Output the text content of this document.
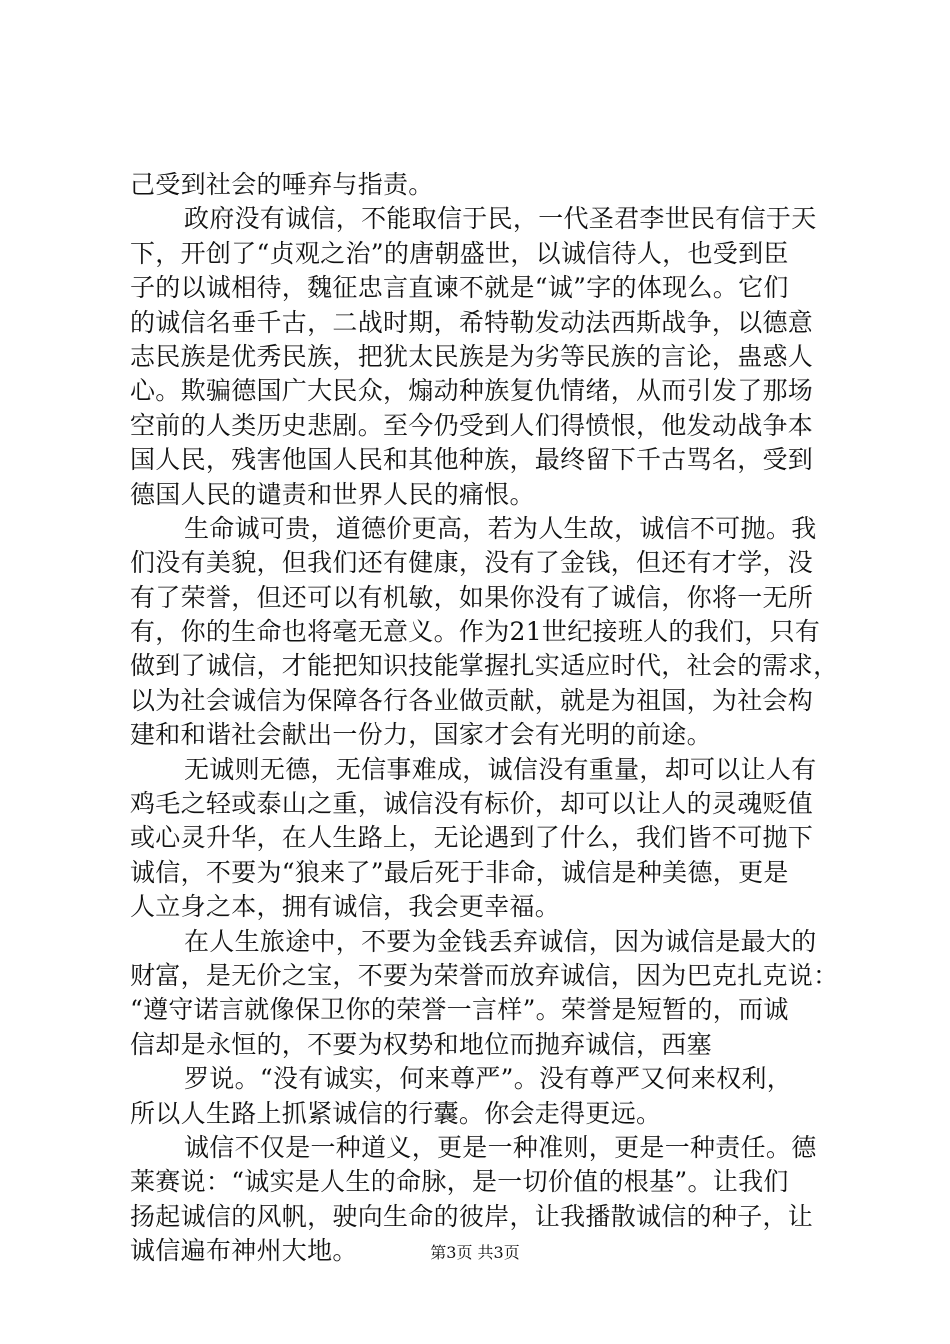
己受到社会的唾弃与指责。
政府没有诚信，不能取信于民，一代圣君李世民有信于天
下，开创了“贞观之治”的唐朝盛世，以诚信待人，也受到臣
子的以诚相待，魏征忠言直谏不就是“诚”字的体现么。它们
的诚信名垂千古，二战时期，希特勒发动法西斯战争，以德意
志民族是优秀民族，把犹太民族是为劣等民族的言论，蛊惑人
心。欺骗德国广大民众，煽动种族复仇情绪，从而引发了那场
空前的人类历史悲剧。至今仍受到人们得愤恨，他发动战争本
国人民，残害他国人民和其他种族，最终留下千古骂名，受到
德国人民的谴责和世界人民的痛恨。
生命诚可贵，道德价更高，若为人生故，诚信不可抛。我
们没有美貌，但我们还有健康，没有了金钱，但还有才学，没
有了荣誉，但还可以有机敏，如果你没有了诚信，你将一无所
有，你的生命也将毫无意义。作为21世纪接班人的我们，只有
做到了诚信，才能把知识技能掌握扎实适应时代，社会的需求，
以为社会诚信为保障各行各业做贡献，就是为祖国，为社会构
建和和谐社会献出一份力，国家才会有光明的前途。
无诚则无德，无信事难成，诚信没有重量，却可以让人有
鸡毛之轻或泰山之重，诚信没有标价，却可以让人的灵魂贬值
或心灵升华，在人生路上，无论遇到了什么，我们皆不可抛下
诚信，不要为“狼来了”最后死于非命，诚信是种美德，更是
人立身之本，拥有诚信，我会更幸福。
在人生旅途中，不要为金钱丢弃诚信，因为诚信是最大的
财富，是无价之宝，不要为荣誉而放弃诚信，因为巴克扎克说：
“遵守诺言就像保卫你的荣誉一言样”。荣誉是短暂的，而诚
信却是永恒的，不要为权势和地位而抛弃诚信，西塞
罗说。“没有诚实，何来尊严”。没有尊严又何来权利，
所以人生路上抓紧诚信的行囊。你会走得更远。
诚信不仅是一种道义，更是一种准则，更是一种责任。德
莱赛说：“诚实是人生的命脉，是一切价值的根基”。让我们
扬起诚信的风帆，驶向生命的彼岸，让我播散诚信的种子，让
诚信遍布神州大地。	第3页 共3页
